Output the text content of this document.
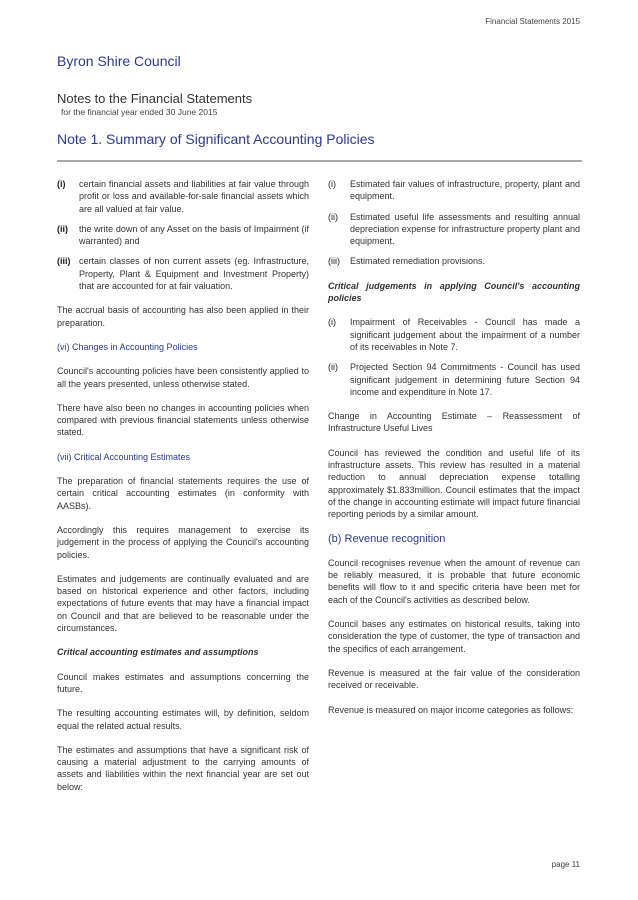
Financial Statements 2015
Byron Shire Council
Notes to the Financial Statements
for the financial year ended 30 June 2015
Note 1. Summary of Significant Accounting Policies
(i)	certain financial assets and liabilities at fair value through profit or loss and available-for-sale financial assets which are all valued at fair value.
(ii)	the write down of any Asset on the basis of Impairment (if warranted) and
(iii) certain classes of non current assets (eg. Infrastructure, Property, Plant & Equipment and Investment Property) that are accounted for at fair valuation.

The accrual basis of accounting has also been applied in their preparation.

(vi) Changes in Accounting Policies

Council's accounting policies have been consistently applied to all the years presented, unless otherwise stated.

There have also been no changes in accounting policies when compared with previous financial statements unless otherwise stated.

(vii) Critical Accounting Estimates

The preparation of financial statements requires the use of certain critical accounting estimates (in conformity with AASBs).

Accordingly this requires management to exercise its judgement in the process of applying the Council's accounting policies.

Estimates and judgements are continually evaluated and are based on historical experience and other factors, including expectations of future events that may have a financial impact on Council and that are believed to be reasonable under the circumstances.

Critical accounting estimates and assumptions

Council makes estimates and assumptions concerning the future.

The resulting accounting estimates will, by definition, seldom equal the related actual results.

The estimates and assumptions that have a significant risk of causing a material adjustment to the carrying amounts of assets and liabilities within the next financial year are set out below:

(i)	Estimated fair values of infrastructure, property, plant and equipment.
(ii)	Estimated useful life assessments and resulting annual depreciation expense for infrastructure property plant and equipment.
(iii)	Estimated remediation provisions.
Critical judgements in applying Council's accounting policies
(i)	Impairment of Receivables - Council has made a significant judgement about the impairment of a number of its receivables in Note 7.
(ii)	Projected Section 94 Commitments - Council has used significant judgement in determining future Section 94 income and expenditure in Note 17.

Change in Accounting Estimate – Reassessment of Infrastructure Useful Lives

Council has reviewed the condition and useful life of its infrastructure assets. This review has resulted in a material reduction to annual depreciation expense totalling approximately $1.833million. Council estimates that the impact of the change in accounting estimate will impact future financial reporting periods by a similar amount.

(b) Revenue recognition

Council recognises revenue when the amount of revenue can be reliably measured, it is probable that future economic benefits will flow to it and specific criteria have been met for each of the Council's activities as described below.

Council bases any estimates on historical results, taking into consideration the type of customer, the type of transaction and the specifics of each arrangement.

Revenue is measured at the fair value of the consideration received or receivable.

Revenue is measured on major income categories as follows:

page 11
